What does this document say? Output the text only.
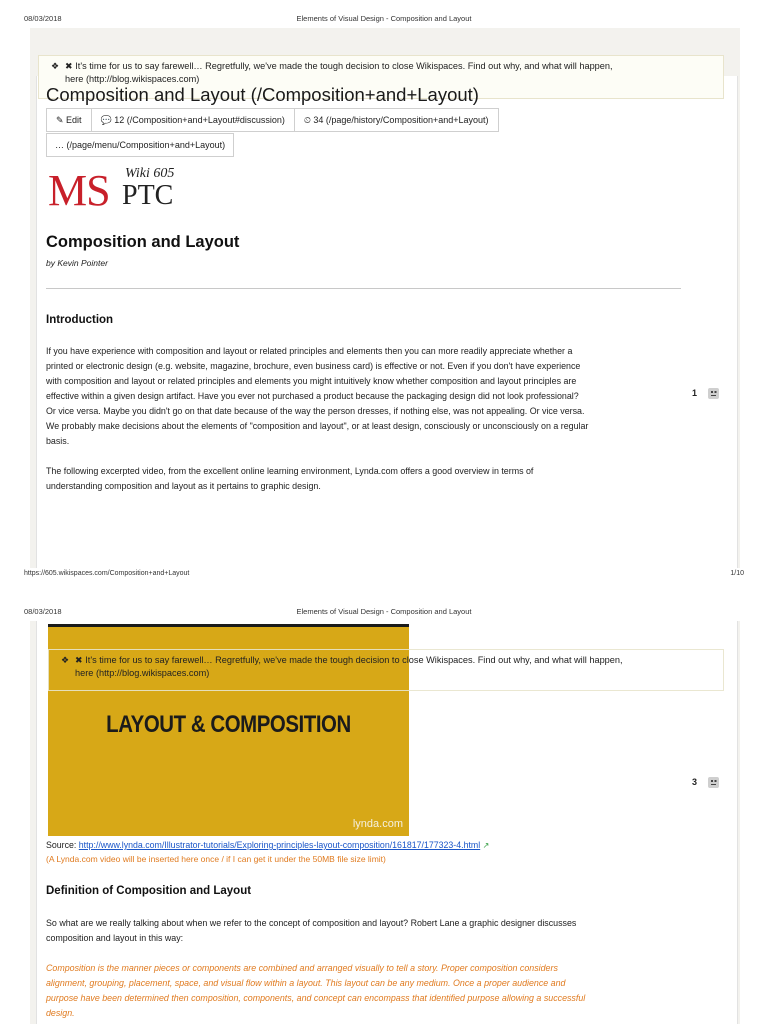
08/03/2018	Elements of Visual Design - Composition and Layout
❖ ✖ It's time for us to say farewell… Regretfully, we've made the tough decision to close Wikispaces. Find out why, and what will happen,
here (http://blog.wikispaces.com)
Composition and Layout (/Composition+and+Layout)
✎ Edit	💬 12 (/Composition+and+Layout#discussion)	⏲ 34 (/page/history/Composition+and+Layout)
… (/page/menu/Composition+and+Layout)
MS Wiki 605
PTC
Composition and Layout
by Kevin Pointer
Introduction
If you have experience with composition and layout or related principles and elements then you can more readily appreciate whether a
printed or electronic design (e.g. website, magazine, brochure, even business card) is effective or not. Even if you don't have experience
with composition and layout or related principles and elements you might intuitively know whether composition and layout principles are
effective within a given design artifact. Have you ever not purchased a product because the packaging design did not look professional?
Or vice versa. Maybe you didn't go on that date because of the way the person dresses, if nothing else, was not appealing. Or vice versa.
We probably make decisions about the elements of "composition and layout", or at least design, consciously or unconsciously on a regular
basis.
The following excerpted video, from the excellent online learning environment, Lynda.com offers a good overview in terms of
understanding composition and layout as it pertains to graphic design.
1
https://605.wikispaces.com/Composition+and+Layout	1/10
08/03/2018	Elements of Visual Design - Composition and Layout
LAYOUT & COMPOSITION
lynda.com
❖ ✖ It's time for us to say farewell… Regretfully, we've made the tough decision to close Wikispaces. Find out why, and what will happen,
here (http://blog.wikispaces.com)
3
Source: http://www.lynda.com/Illustrator-tutorials/Exploring-principles-layout-composition/161817/177323-4.html ↗
(A Lynda.com video will be inserted here once / if I can get it under the 50MB file size limit)
Definition of Composition and Layout
So what are we really talking about when we refer to the concept of composition and layout? Robert Lane a graphic designer discusses
composition and layout in this way:
Composition is the manner pieces or components are combined and arranged visually to tell a story. Proper composition considers
alignment, grouping, placement, space, and visual flow within a layout. This layout can be any medium. Once a proper audience and
purpose have been determined then composition, components, and concept can encompass that identified purpose allowing a successful
design.
